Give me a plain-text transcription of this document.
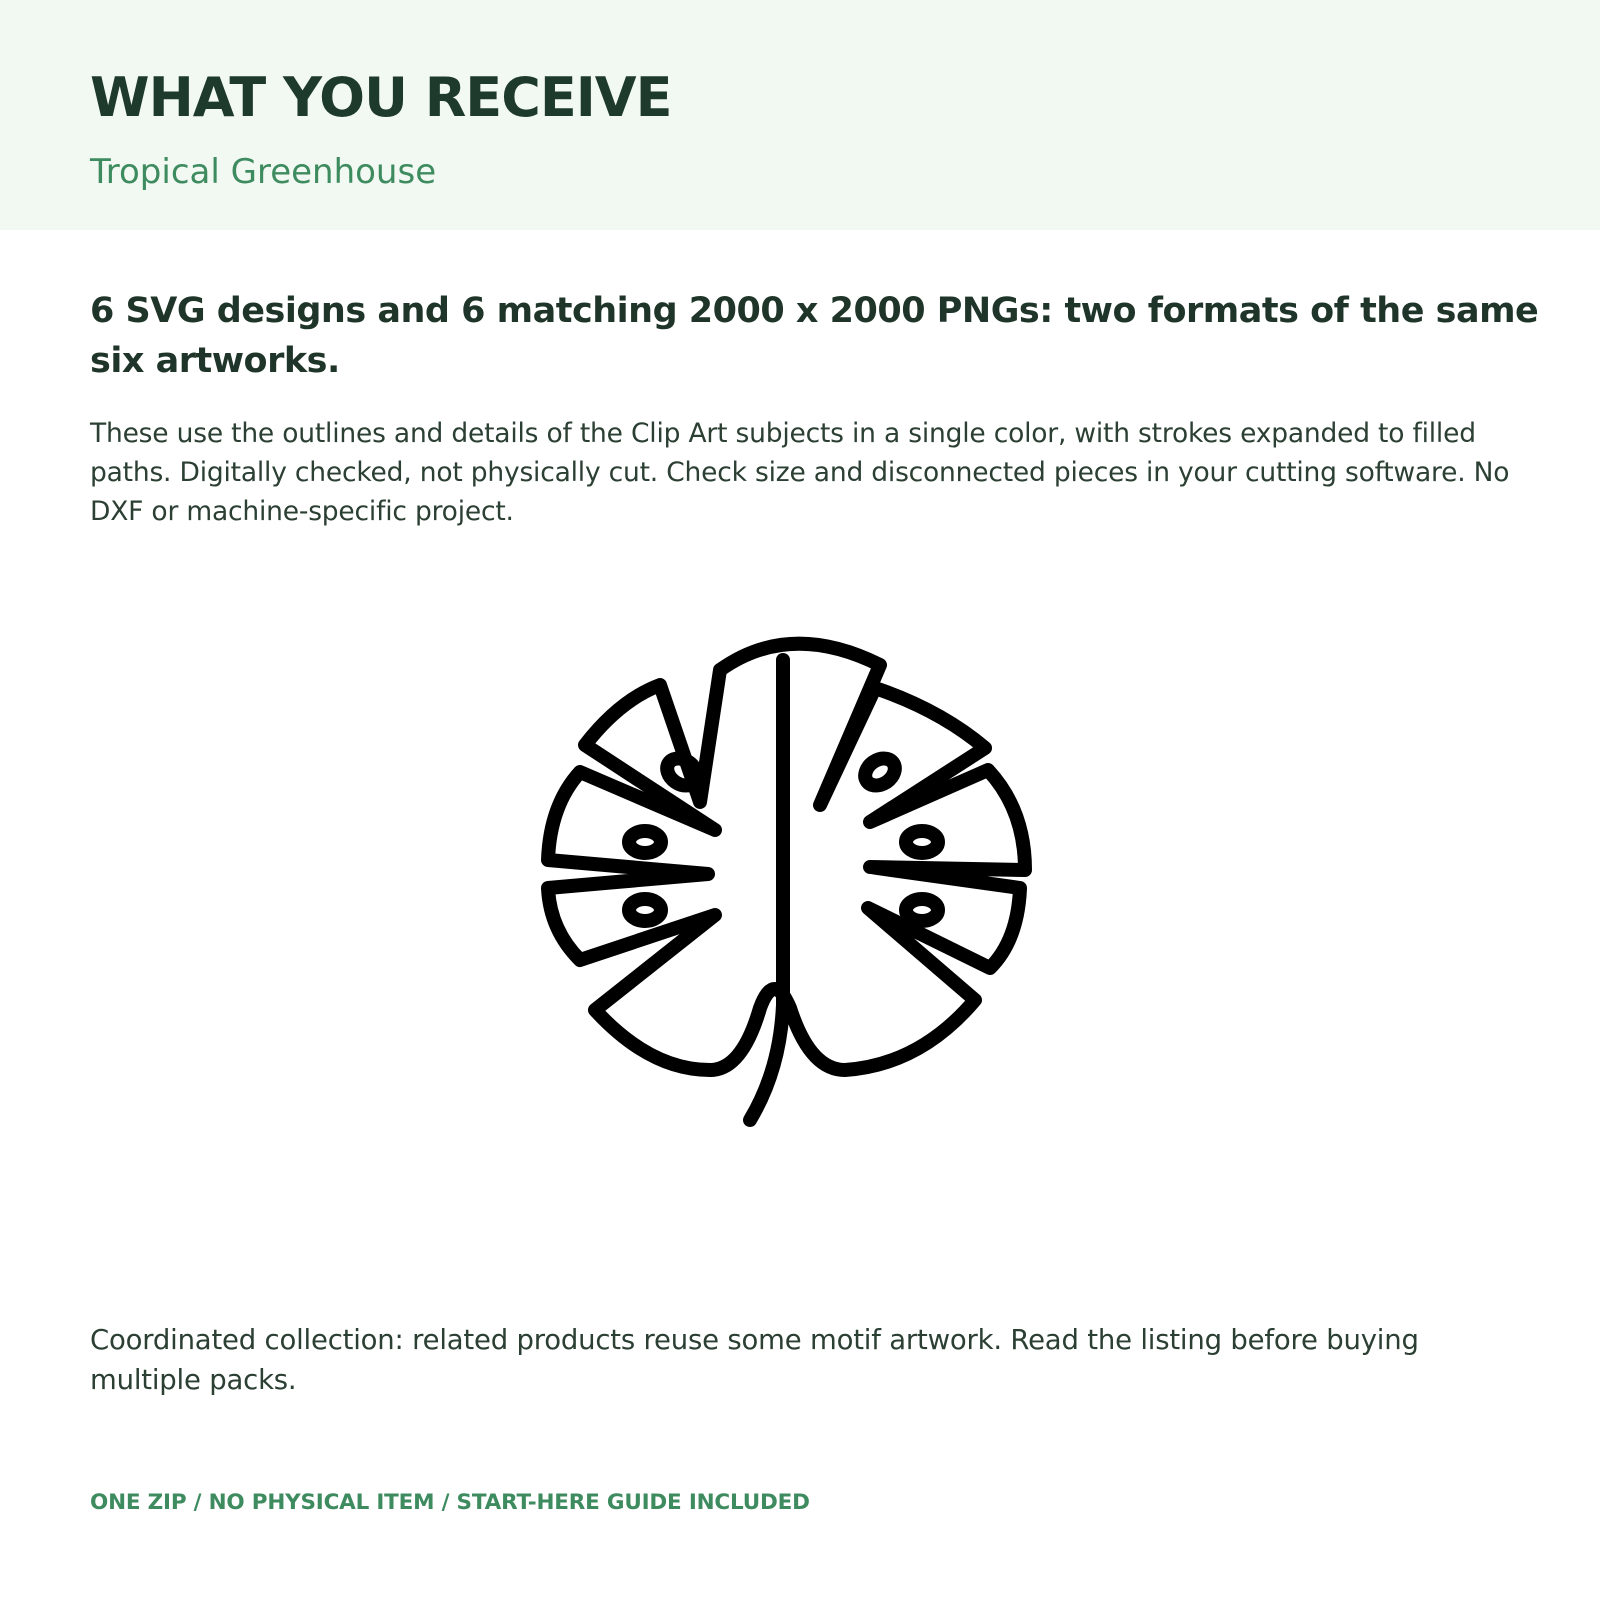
WHAT YOU RECEIVE
Tropical Greenhouse
6 SVG designs and 6 matching 2000 x 2000 PNGs: two formats of the same six artworks.
These use the outlines and details of the Clip Art subjects in a single color, with strokes expanded to filled paths. Digitally checked, not physically cut. Check size and disconnected pieces in your cutting software. No DXF or machine-specific project.
Coordinated collection: related products reuse some motif artwork. Read the listing before buying multiple packs.
ONE ZIP / NO PHYSICAL ITEM / START-HERE GUIDE INCLUDED
